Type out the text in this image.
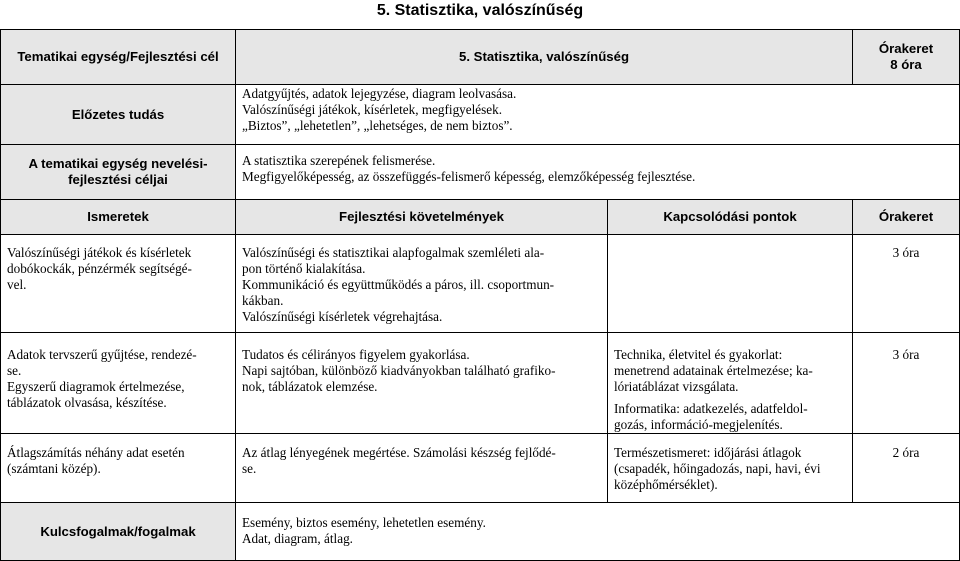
5. Statisztika, valószínűség
Tematikai egység/Fejlesztési cél	5. Statisztika, valószínűség		Órakeret
8 óra

Előzetes tudás	Adatgyűjtés, adatok lejegyzése, diagram leolvasása.
Valószínűségi játékok, kísérletek, megfigyelések.
„Biztos”, „lehetetlen”, „lehetséges, de nem biztos”.		

A tematikai egység nevelési-
fejlesztési céljai	A statisztika szerepének felismerése.
Megfigyelőképesség, az összefüggés-felismerő képesség, elemzőképesség fejlesztése.		

Ismeretek	Fejlesztési követelmények	Kapcsolódási pontok	Órakeret

Valószínűségi játékok és kísérletek
dobókockák, pénzérmék segítségé-
vel.	Valószínűségi és statisztikai alapfogalmak szemléleti ala-
pon történő kialakítása.
Kommunikáció és együttműködés a páros, ill. csoportmun-
kákban.
Valószínűségi kísérletek végrehajtása.		3 óra

Adatok tervszerű gyűjtése, rendezé-
se.
Egyszerű diagramok értelmezése,
táblázatok olvasása, készítése.	Tudatos és célirányos figyelem gyakorlása.
Napi sajtóban, különböző kiadványokban található grafiko-
nok, táblázatok elemzése.	Technika, életvitel és gyakorlat:
menetrend adatainak értelmezése; ka-
lóriatáblázat vizsgálata.
Informatika: adatkezelés, adatfeldol-
gozás, információ-megjelenítés.	3 óra

Átlagszámítás néhány adat esetén
(számtani közép).	Az átlag lényegének megértése. Számolási készség fejlődé-
se.	Természetismeret: időjárási átlagok
(csapadék, hőingadozás, napi, havi, évi
középhőmérséklet).	2 óra
Kulcsfogalmak/fogalmak	Esemény, biztos esemény, lehetetlen esemény.
Adat, diagram, átlag.		
